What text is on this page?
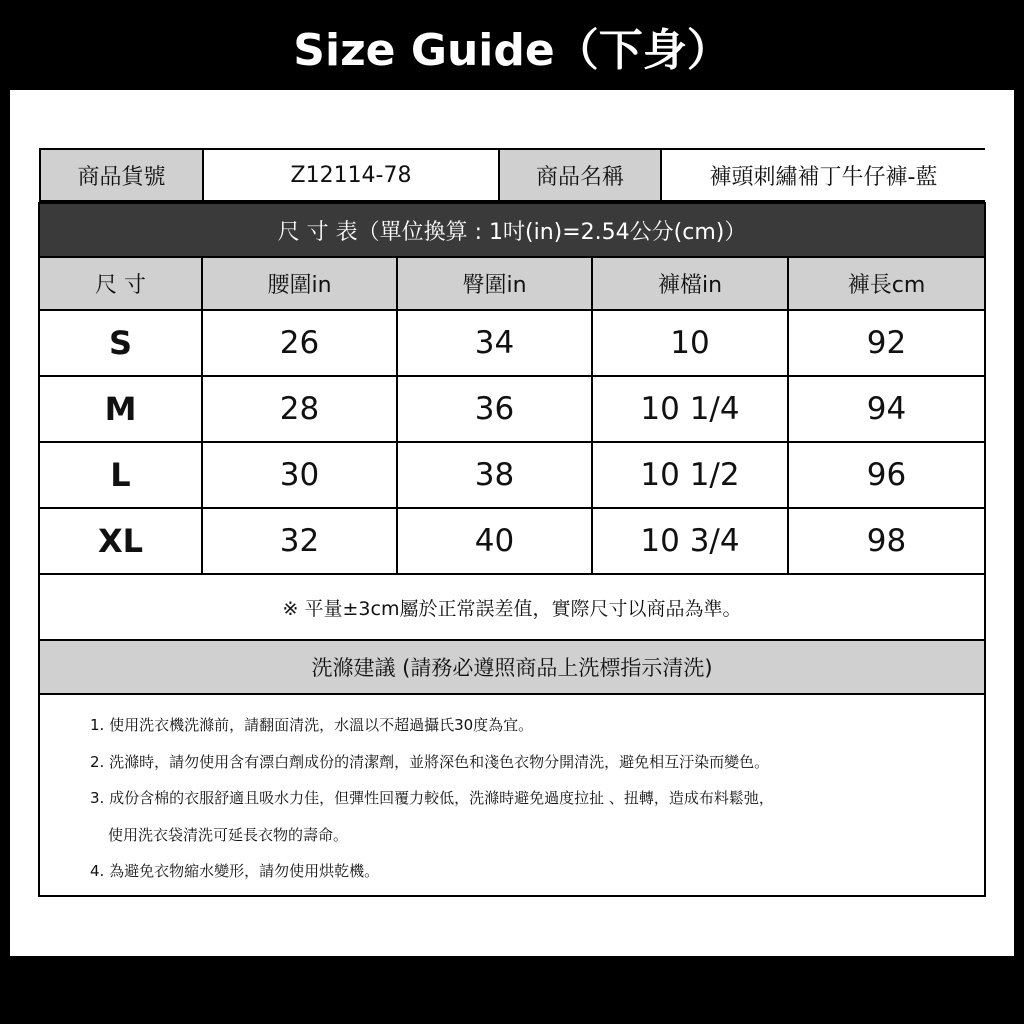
Size Guide（下身）
商品貨號	Z12114-78	商品名稱	褲頭刺繡補丁牛仔褲-藍

尺 寸 表（單位換算 : 1吋(in)=2.54公分(cm)）
尺 寸	腰圍in	臀圍in	褲檔in	褲長cm
S	26	34	10	92
M	28	36	10 1/4	94
L	30	38	10 1/2	96
XL	32	40	10 3/4	98
※ 平量±3cm屬於正常誤差值，實際尺寸以商品為準。
洗滌建議 (請務必遵照商品上洗標指示清洗)

1. 使用洗衣機洗滌前，請翻面清洗，水溫以不超過攝氏30度為宜。
2. 洗滌時，請勿使用含有漂白劑成份的清潔劑，並將深色和淺色衣物分開清洗，避免相互汙染而變色。
3. 成份含棉的衣服舒適且吸水力佳，但彈性回覆力較低，洗滌時避免過度拉扯 、扭轉，造成布料鬆弛，
使用洗衣袋清洗可延長衣物的壽命。
4. 為避免衣物縮水變形，請勿使用烘乾機。
